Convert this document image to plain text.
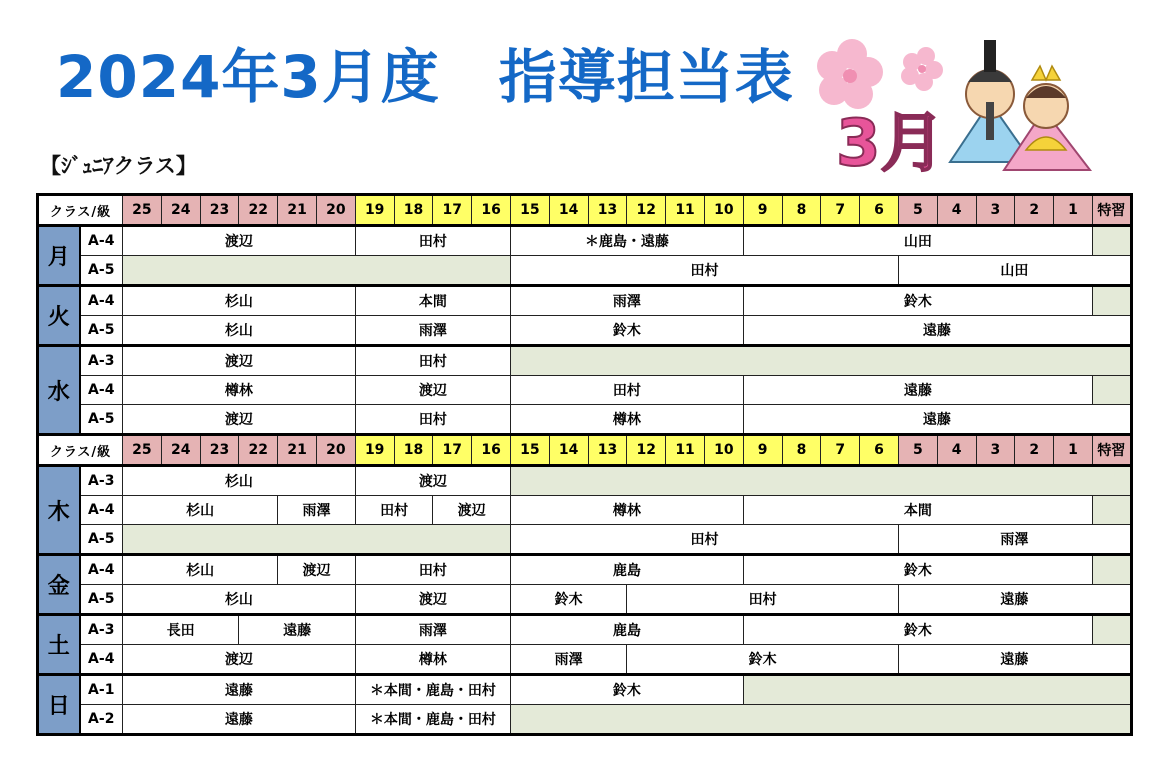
2024年3月度　指導担当表
【ｼﾞｭﾆｱクラス】	3月
クラス/級		25	24	23	22	21	20	19	18	17	16	15	14	13	12	11	10	9	8	7	6	5	4	3	2	1	特習
月	A-4	渡辺						田村				＊鹿島・遠藤						山田									
	A-5											田村										山田					
火	A-4	杉山						本間				雨澤						鈴木									
	A-5	杉山						雨澤				鈴木						遠藤									
水	A-3	渡辺						田村																			
	A-4	樽林						渡辺				田村						遠藤									
	A-5	渡辺						田村				樽林						遠藤									
クラス/級		25	24	23	22	21	20	19	18	17	16	15	14	13	12	11	10	9	8	7	6	5	4	3	2	1	特習
木	A-3	杉山						渡辺																			
	A-4	杉山				雨澤		田村		渡辺		樽林						本間									
	A-5											田村										雨澤					
金	A-4	杉山				渡辺		田村				鹿島						鈴木									
	A-5	杉山						渡辺				鈴木			田村							遠藤					
土	A-3	長田			遠藤			雨澤				鹿島						鈴木									
	A-4	渡辺						樽林				雨澤			鈴木							遠藤					
日	A-1	遠藤						＊本間・鹿島・田村				鈴木															
	A-2	遠藤						＊本間・鹿島・田村																			
